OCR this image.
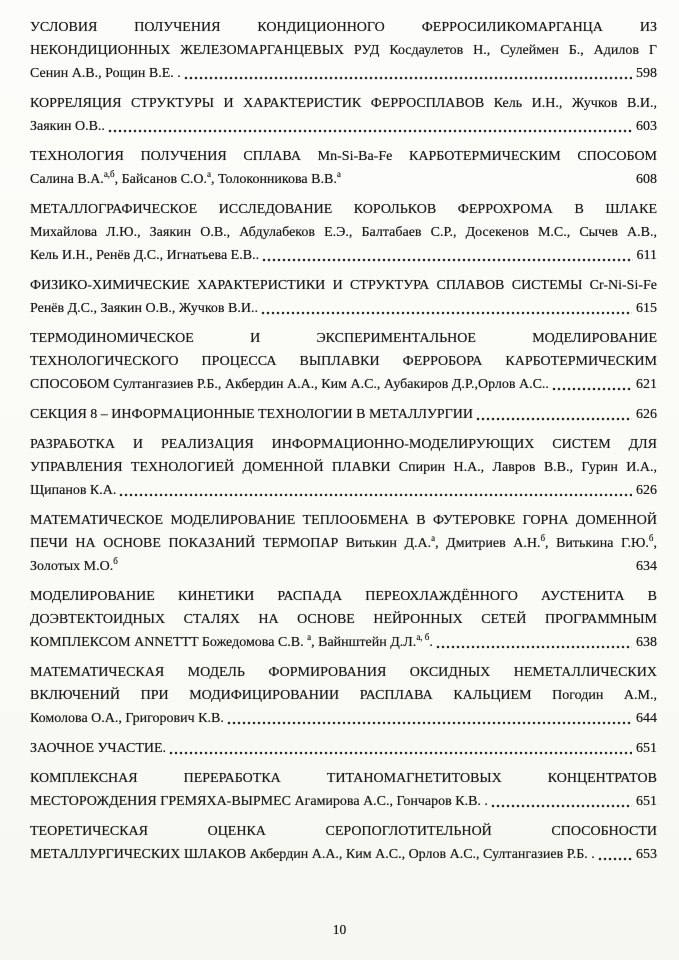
УСЛОВИЯ ПОЛУЧЕНИЯ КОНДИЦИОННОГО ФЕРРОСИЛИКОМАРГАНЦА ИЗ
НЕКОНДИЦИОННЫХ ЖЕЛЕЗОМАРГАНЦЕВЫХ РУД Косдаулетов Н., Сулеймен Б., Адилов Г
Сенин А.В., Рощин В.Е. .	598
КОРРЕЛЯЦИЯ СТРУКТУРЫ И ХАРАКТЕРИСТИК ФЕРРОСПЛАВОВ Кель И.Н., Жучков В.И.,
Заякин О.В..	603
ТЕХНОЛОГИЯ ПОЛУЧЕНИЯ СПЛАВА Mn-Si-Ba-Fe КАРБОТЕРМИЧЕСКИМ СПОСОБОМ
Салина В.А.$^{а,б}$, Байсанов С.О.$^а$, Толоконникова В.В.$^а$	608
МЕТАЛЛОГРАФИЧЕСКОЕ ИССЛЕДОВАНИЕ КОРОЛЬКОВ ФЕРРОХРОМА В ШЛАКЕ
Михайлова Л.Ю., Заякин О.В., Абдулабеков Е.Э., Балтабаев С.Р., Досекенов М.С., Сычев А.В.,
Кель И.Н., Ренёв Д.С., Игнатьева Е.В..	611
ФИЗИКО-ХИМИЧЕСКИЕ ХАРАКТЕРИСТИКИ И СТРУКТУРА СПЛАВОВ СИСТЕМЫ Cr-Ni-Si-Fe
Ренёв Д.С., Заякин О.В., Жучков В.И..	615
ТЕРМОДИНОМИЧЕСКОЕ И ЭКСПЕРИМЕНТАЛЬНОЕ МОДЕЛИРОВАНИЕ
ТЕХНОЛОГИЧЕСКОГО ПРОЦЕССА ВЫПЛАВКИ ФЕРРОБОРА КАРБОТЕРМИЧЕСКИМ
СПОСОБОМ Султангазиев Р.Б., Акбердин А.А., Ким А.С., Аубакиров Д.Р.,Орлов А.С..	621
СЕКЦИЯ 8 – ИНФОРМАЦИОННЫЕ ТЕХНОЛОГИИ В МЕТАЛЛУРГИИ	626
РАЗРАБОТКА И РЕАЛИЗАЦИЯ ИНФОРМАЦИОННО-МОДЕЛИРУЮЩИХ СИСТЕМ ДЛЯ
УПРАВЛЕНИЯ ТЕХНОЛОГИЕЙ ДОМЕННОЙ ПЛАВКИ Спирин Н.А., Лавров В.В., Гурин И.А.,
Щипанов К.А.	626
МАТЕМАТИЧЕСКОЕ МОДЕЛИРОВАНИЕ ТЕПЛООБМЕНА В ФУТЕРОВКЕ ГОРНА ДОМЕННОЙ
ПЕЧИ НА ОСНОВЕ ПОКАЗАНИЙ ТЕРМОПАР Витькин Д.А.$^а$, Дмитриев А.Н.$^б$, Витькина Г.Ю.$^б$,
Золотых М.О.$^б$	634
МОДЕЛИРОВАНИЕ КИНЕТИКИ РАСПАДА ПЕРЕОХЛАЖДЁННОГО АУСТЕНИТА В
ДОЭВТЕКТОИДНЫХ СТАЛЯХ НА ОСНОВЕ НЕЙРОННЫХ СЕТЕЙ ПРОГРАММНЫМ
КОМПЛЕКСОМ ANNETTT Божедомова С.В. $^а$, Вайнштейн Д.Л.$^{а, б}$.	638
МАТЕМАТИЧЕСКАЯ МОДЕЛЬ ФОРМИРОВАНИЯ ОКСИДНЫХ НЕМЕТАЛЛИЧЕСКИХ
ВКЛЮЧЕНИЙ ПРИ МОДИФИЦИРОВАНИИ РАСПЛАВА КАЛЬЦИЕМ Погодин А.М.,
Комолова О.А., Григорович К.В.	644
ЗАОЧНОЕ УЧАСТИЕ.	651
КОМПЛЕКСНАЯ ПЕРЕРАБОТКА ТИТАНОМАГНЕТИТОВЫХ КОНЦЕНТРАТОВ
МЕСТОРОЖДЕНИЯ ГРЕМЯХА-ВЫРМЕС Агамирова А.С., Гончаров К.В. .	651
ТЕОРЕТИЧЕСКАЯ ОЦЕНКА СЕРОПОГЛОТИТЕЛЬНОЙ СПОСОБНОСТИ
МЕТАЛЛУРГИЧЕСКИХ ШЛАКОВ Акбердин А.А., Ким А.С., Орлов А.С., Султангазиев Р.Б. .	653
10
